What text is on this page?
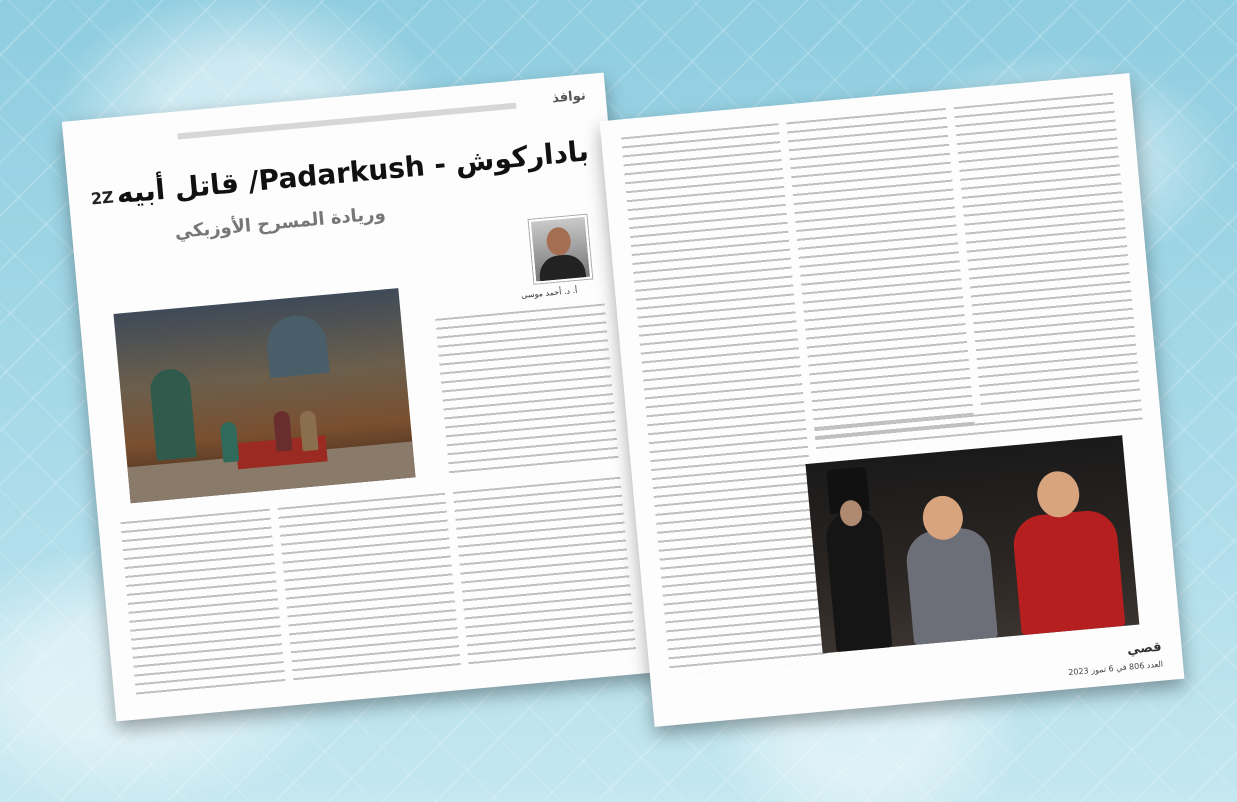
نوافذ
2Z بادارکوش - Padarkush/ قاتل أبيه
وريادة المسرح الأوزبكي
أ. د. أحمد موسى
قصي
العدد 806 في 6 تموز 2023
